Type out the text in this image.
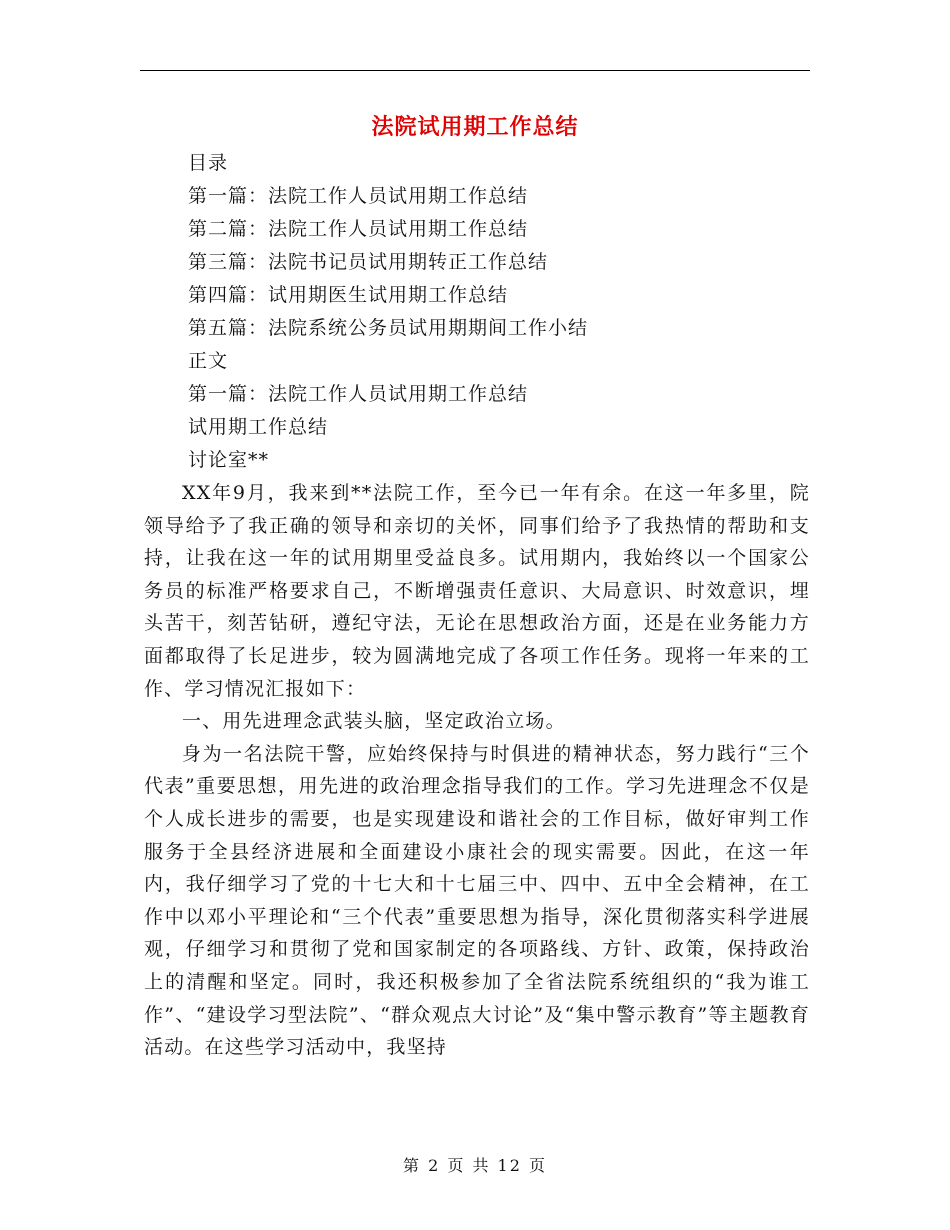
法院试用期工作总结
目录
第一篇：法院工作人员试用期工作总结
第二篇：法院工作人员试用期工作总结
第三篇：法院书记员试用期转正工作总结
第四篇：试用期医生试用期工作总结
第五篇：法院系统公务员试用期期间工作小结
正文
第一篇：法院工作人员试用期工作总结
试用期工作总结
讨论室**

XX年9月，我来到**法院工作，至今已一年有余。在这一年多里，院领导给予了我正确的领导和亲切的关怀，同事们给予了我热情的帮助和支持，让我在这一年的试用期里受益良多。试用期内，我始终以一个国家公务员的标准严格要求自己，不断增强责任意识、大局意识、时效意识，埋头苦干，刻苦钻研，遵纪守法，无论在思想政治方面，还是在业务能力方面都取得了长足进步，较为圆满地完成了各项工作任务。现将一年来的工作、学习情况汇报如下：

一、用先进理念武装头脑，坚定政治立场。

身为一名法院干警，应始终保持与时俱进的精神状态，努力践行“三个代表”重要思想，用先进的政治理念指导我们的工作。学习先进理念不仅是个人成长进步的需要，也是实现建设和谐社会的工作目标，做好审判工作服务于全县经济进展和全面建设小康社会的现实需要。因此，在这一年内，我仔细学习了党的十七大和十七届三中、四中、五中全会精神，在工作中以邓小平理论和“三个代表”重要思想为指导，深化贯彻落实科学进展观，仔细学习和贯彻了党和国家制定的各项路线、方针、政策，保持政治上的清醒和坚定。同时，我还积极参加了全省法院系统组织的“我为谁工作”、“建设学习型法院”、“群众观点大讨论”及“集中警示教育”等主题教育活动。在这些学习活动中，我坚持

第 2 页 共 12 页
